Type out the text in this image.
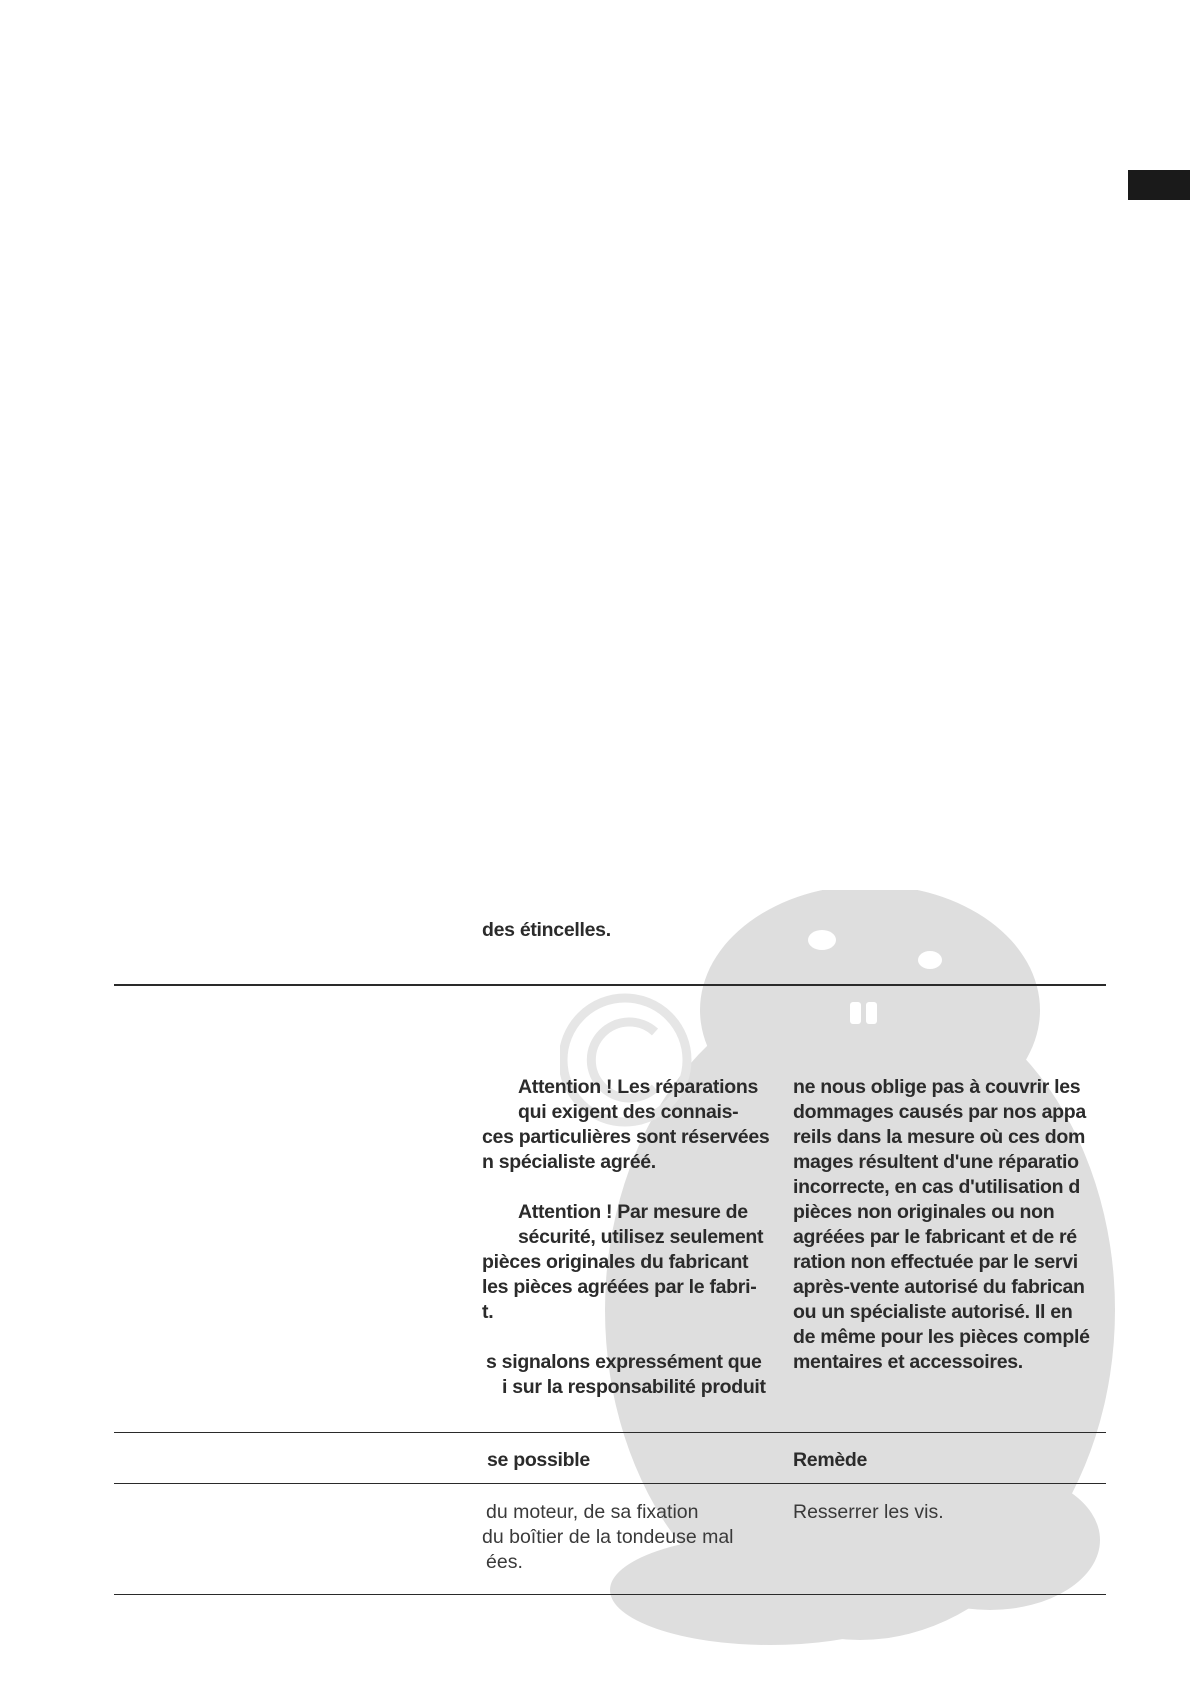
des étincelles.
Attention ! Les réparations
qui exigent des connais-
ces particulières sont réservées
n spécialiste agréé.
Attention ! Par mesure de
sécurité, utilisez seulement
pièces originales du fabricant
les pièces agréées par le fabri-
t.
s signalons expressément que
i sur la responsabilité produit
ne nous oblige pas à couvrir les
dommages causés par nos appa
reils dans la mesure où ces dom
mages résultent d'une réparatio
incorrecte, en cas d'utilisation d
pièces non originales ou non
agréées par le fabricant et de ré
ration non effectuée par le servi
après-vente autorisé du fabrican
ou un spécialiste autorisé. Il en
de même pour les pièces complé
mentaires et accessoires.
se possible	Remède
du moteur, de sa fixation
du boîtier de la tondeuse mal
ées.
Resserrer les vis.
